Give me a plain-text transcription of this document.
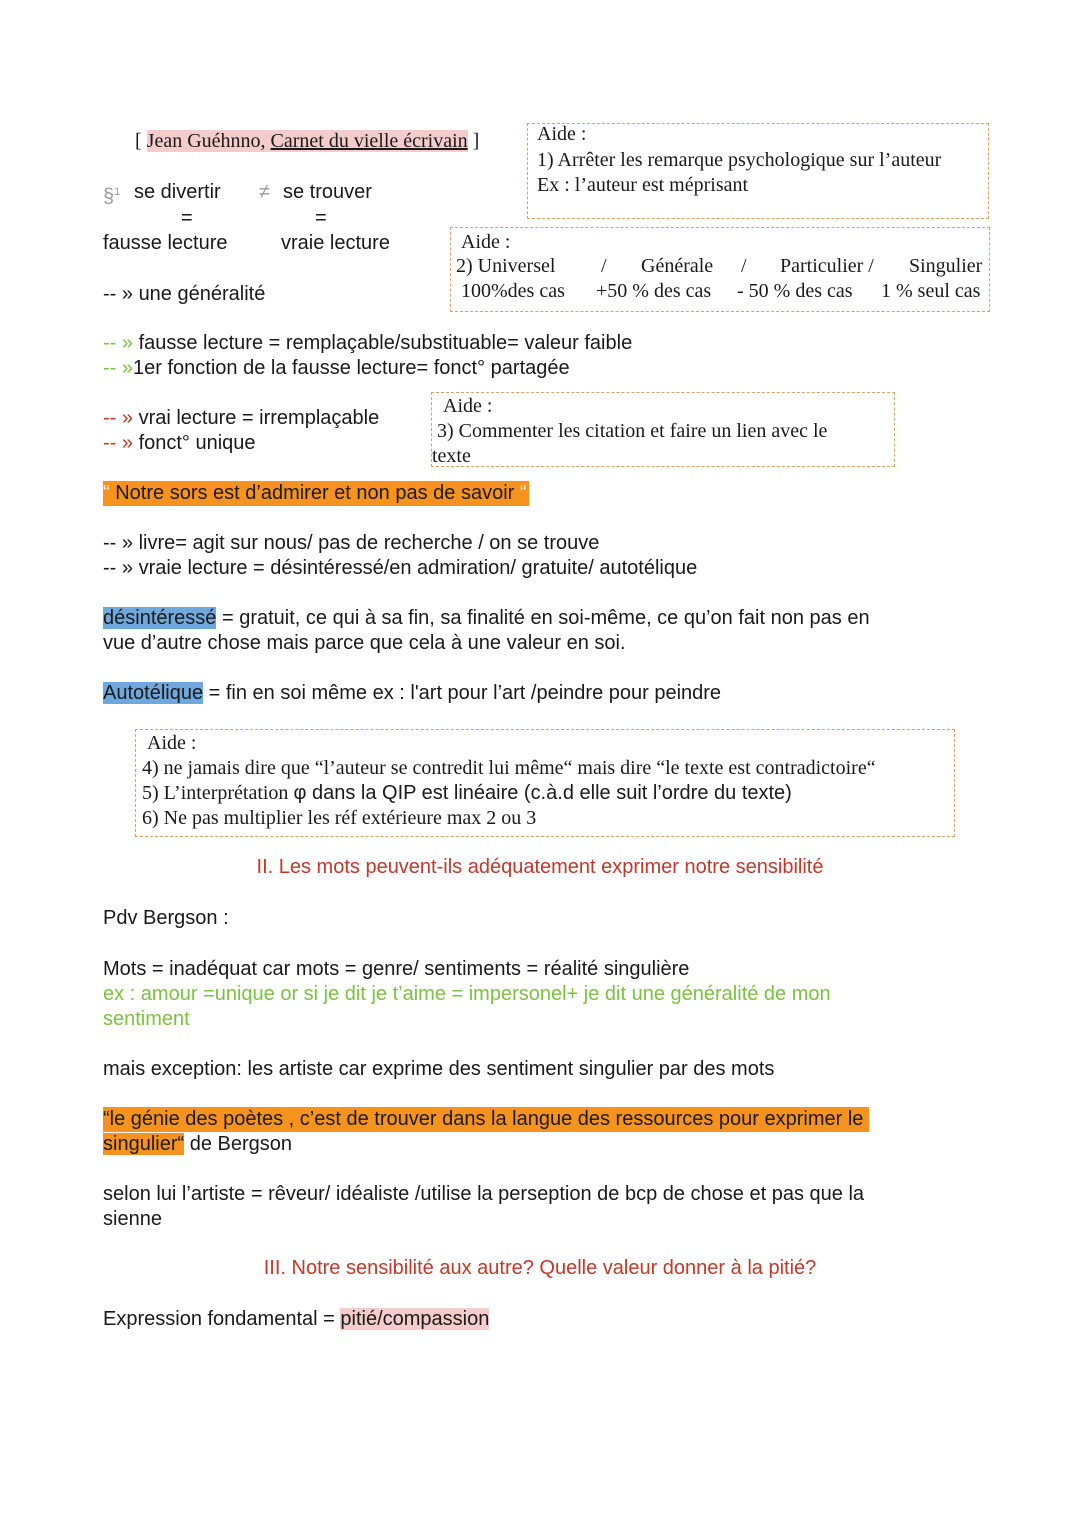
[ Jean Guéhnno, Carnet du vielle écrivain ]	Aide :
1) Arrêter les remarque psychologique sur l’auteur
Ex : l’auteur est méprisant
§$^1$ se divertir ≠ se trouver
=	=
fausse lecture	vraie lecture
-- » une généralité
Aide :
2) Universel / Générale / Particulier / Singulier
100%des cas +50 % des cas - 50 % des cas 1 % seul cas
-- » fausse lecture = remplaçable/substituable= valeur faible
-- »1er fonction de la fausse lecture= fonct° partagée
-- » vrai lecture = irremplaçable
-- » fonct° unique
Aide :
3) Commenter les citation et faire un lien avec le
texte
“ Notre sors est d’admirer et non pas de savoir “
-- » livre= agit sur nous/ pas de recherche / on se trouve
-- » vraie lecture = désintéressé/en admiration/ gratuite/ autotélique
désintéressé = gratuit, ce qui à sa fin, sa finalité en soi-même, ce qu’on fait non pas en
vue d’autre chose mais parce que cela à une valeur en soi.
Autotélique = fin en soi même ex : l'art pour l’art /peindre pour peindre
Aide :
4) ne jamais dire que “l’auteur se contredit lui même“ mais dire “le texte est contradictoire“
5) L’interprétation φ dans la QIP est linéaire (c.à.d elle suit l’ordre du texte)
6) Ne pas multiplier les réf extérieure max 2 ou 3
II. Les mots peuvent-ils adéquatement exprimer notre sensibilité
Pdv Bergson :
Mots = inadéquat car mots = genre/ sentiments = réalité singulière
ex : amour =unique or si je dit je t’aime = impersonel+ je dit une généralité de mon
sentiment
mais exception: les artiste car exprime des sentiment singulier par des mots
“le génie des poètes , c’est de trouver dans la langue des ressources pour exprimer le
singulier“ de Bergson
selon lui l’artiste = rêveur/ idéaliste /utilise la perseption de bcp de chose et pas que la
sienne
III. Notre sensibilité aux autre? Quelle valeur donner à la pitié?
Expression fondamental = pitié/compassion
